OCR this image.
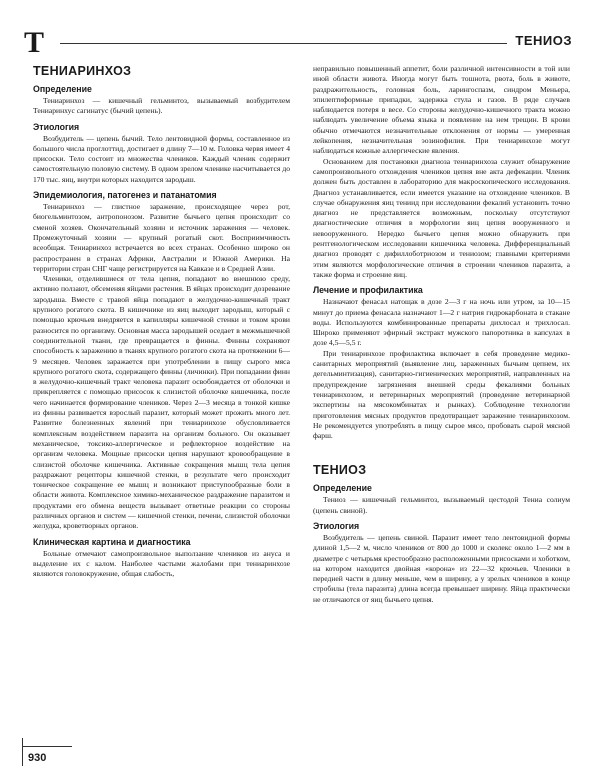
Т	ТЕНИОЗ
ТЕНИАРИНХОЗ
Определение

Тениаринхоз — кишечный гельминтоз, вызываемый возбудителем Тениаринхус сагинатус (бычий цепень).

Этиология

Возбудитель — цепень бычий. Тело лентовидной формы, составленное из большого числа проглоттид, достигает в длину 7—10 м. Головка червя имеет 4 присоски. Тело состоит из множества члеников. Каждый членик содержит самостоятельную половую систему. В одном зрелом членике насчитывается до 170 тыс. яиц, внутри которых находится зародыш.

Эпидемиология, патогенез и патанатомия

Тениаринхоз — глистное заражение, происходящее через рот, биогельминтозом, антропонозом. Развитие бычьего цепня происходит со сменой хозяев. Окончательный хозяин и источник заражения — человек. Промежуточный хозяин — крупный рогатый скот. Восприимчивость всеобщая. Тениаринхоз встречается во всех странах. Особенно широко он распространен в странах Африки, Австралии и Южной Америки. На территории стран СНГ чаще регистрируется на Кавказе и в Средней Азии.

Членики, отделившиеся от тела цепня, попадают во внешнюю среду, активно ползают, обсеменяя яйцами растения. В яйцах происходит дозревание зародыша. Вместе с травой яйца попадают в желудочно-кишечный тракт крупного рогатого скота. В кишечнике из яиц выходит зародыш, который с помощью крючьев внедряется в капилляры кишечной стенки и током крови разносится по организму. Основная масса зародышей оседает в межмышечной соединительной ткани, где превращается в финны. Финны сохраняют способность к заражению в тканях крупного рогатого скота на протяжении 6—9 месяцев. Человек заражается при употреблении в пищу сырого мяса крупного рогатого скота, содержащего финны (личинки). При попадании финн в желудочно-кишечный тракт человека паразит освобождается от оболочки и прикрепляется с помощью присосок к слизистой оболочке кишечника, после чего начинается формирование члеников. Через 2—3 месяца в тонкой кишке из финны развивается взрослый паразит, который может прожить много лет. Развитие болезненных явлений при тениаринхозе обусловливается комплексным воздействием паразита на организм больного. Он оказывает механическое, токсико-аллергическое и рефлекторное воздействие на организм человека. Мощные присоски цепня нарушают кровообращение в слизистой оболочке кишечника. Активные сокращения мышц тела цепня раздражают рецепторы кишечной стенки, в результате чего происходит тоническое сокращение ее мышц и возникают приступообразные боли в области живота. Комплексное химико-механическое раздражение паразитом и продуктами его обмена веществ вызывает ответные реакции со стороны различных органов и систем — кишечной стенки, печени, слизистой оболочки желудка, кроветворных органов.

Клиническая картина и диагностика

Больные отмечают самопроизвольное выползание члеников из ануса и выделение их с калом. Наиболее частыми жалобами при тениаринхозе являются головокружение, общая слабость,

неправильно повышенный аппетит, боли различной интенсивности в той или иной области живота. Иногда могут быть тошнота, рвота, боль в животе, раздражительность, головная боль, ларингоспазм, синдром Меньера, эпилептиформные припадки, задержка стула и газов. В ряде случаев наблюдается потеря в весе. Со стороны желудочно-кишечного тракта можно наблюдать увеличение объема языка и появление на нем трещин. В крови обычно отмечаются незначительные отклонения от нормы — умеренная лейкопения, незначительная эозинофилия. При тениаринхозе могут наблюдаться кожные аллергические явления.

Основанием для постановки диагноза тениаринхоза служит обнаружение самопроизвольного отхождения члеников цепня вне акта дефекации. Членик должен быть доставлен в лабораторию для макроскопического исследования. Диагноз устанавливается, если имеется указание на отхождение члеников. В случае обнаружения яиц тениид при исследовании фекалий установить точно диагноз не представляется возможным, поскольку отсутствуют диагностические отличия в морфологии яиц цепня вооруженного и невооруженного. Нередко бычьего цепня можно обнаружить при рентгенологическом исследовании кишечника человека. Дифференциальный диагноз проводят с дифиллоботриозом и тениозом; главными критериями этим являются морфологические отличия в строении члеников паразита, а также форма и строение яиц.

Лечение и профилактика

Назначают фенасал натощак в дозе 2—3 г на ночь или утром, за 10—15 минут до приема фенасала назначают 1—2 г натрия гидрокарбоната в стакане воды. Используются комбинированные препараты дихлосал и трихлосал. Широко применяют эфирный экстракт мужского папоротника в капсулах в дозе 4,5—5,5 г.

При тениаринхозе профилактика включает в себя проведение медико-санитарных мероприятий (выявление лиц, зараженных бычьим цепнем, их дегельминтизация), санитарно-гигиенических мероприятий, направленных на предупреждение загрязнения внешней среды фекалиями больных тениаринхозом, и ветеринарных мероприятий (проведение ветеринарной экспертизы на мясокомбинатах и рынках). Соблюдение технологии приготовления мясных продуктов предотвращает заражение тениаринхозом. Не рекомендуется употреблять в пищу сырое мясо, пробовать сырой мясной фарш.

ТЕНИОЗ
Определение

Тениоз — кишечный гельминтоз, вызываемый цестодой Тениа солиум (цепень свиной).

Этиология

Возбудитель — цепень свиной. Паразит имеет тело лентовидной формы длиной 1,5—2 м, число члеников от 800 до 1000 и сколекс около 1—2 мм в диаметре с четырьмя крестообразно расположенными присосками и хоботком, на котором находится двойная «корона» из 22—32 крючьев. Членики в передней части в длину меньше, чем в ширину, а у зрелых члеников в конце стробилы (тела паразита) длина всегда превышает ширину. Яйца практически не отличаются от яиц бычьего цепня.

930
